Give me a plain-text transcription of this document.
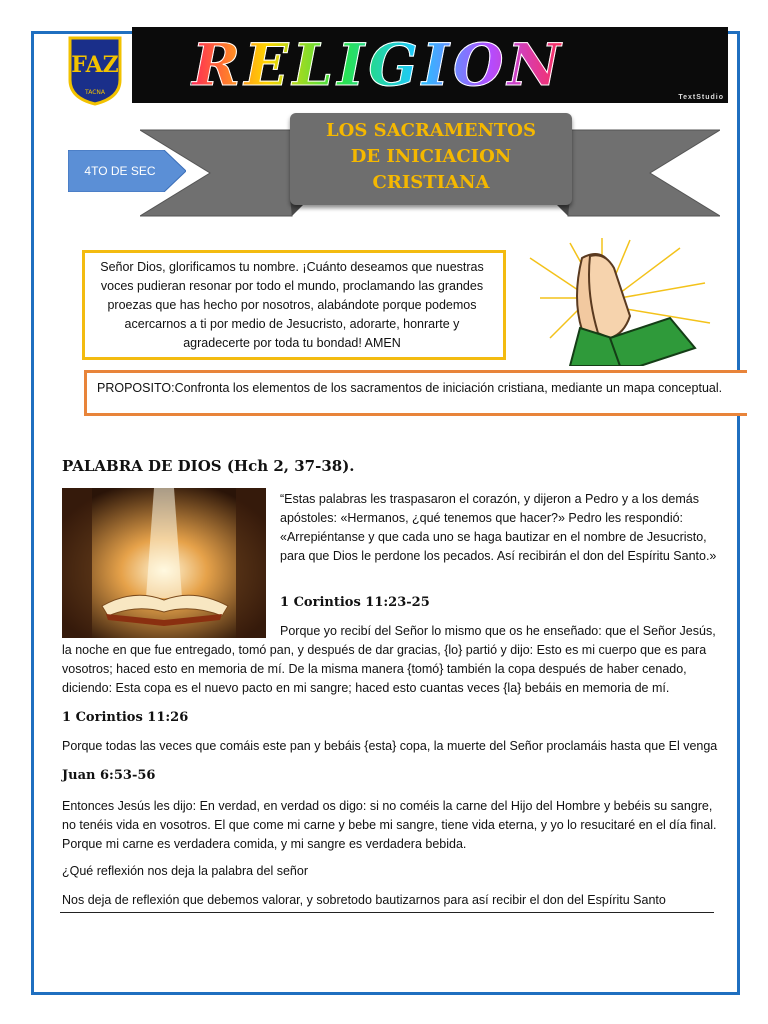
FAZ
TACNA RELIGION	TextStudio
LOS SACRAMENTOS
DE INICIACION
CRISTIANA
4TO DE SEC
Señor Dios, glorificamos tu nombre. ¡Cuánto deseamos que nuestras voces pudieran resonar por todo el mundo, proclamando las grandes proezas que has hecho por nosotros, alabándote porque podemos acercarnos a ti por medio de Jesucristo, adorarte, honrarte y agradecerte por toda tu bondad! AMEN
PROPOSITO:Confronta los elementos de los sacramentos de iniciación cristiana, mediante un mapa conceptual.
PALABRA DE DIOS (Hch 2, 37-38).
“Estas palabras les traspasaron el corazón, y dijeron a Pedro y a los demás apóstoles: «Hermanos, ¿qué tenemos que hacer?» Pedro les respondió: «Arrepiéntanse y que cada uno se haga bautizar en el nombre de Jesucristo, para que Dios le perdone los pecados. Así recibirán el don del Espíritu Santo.»
1 Corintios 11:23-25
Porque yo recibí del Señor lo mismo que os he enseñado: que el Señor Jesús,
la noche en que fue entregado, tomó pan, y después de dar gracias, {lo} partió y dijo: Esto es mi cuerpo que es para vosotros; haced esto en memoria de mí. De la misma manera {tomó} también la copa después de haber cenado, diciendo: Esta copa es el nuevo pacto en mi sangre; haced esto cuantas veces {la} bebáis en memoria de mí.
1 Corintios 11:26
Porque todas las veces que comáis este pan y bebáis {esta} copa, la muerte del Señor proclamáis hasta que El venga
Juan 6:53-56
Entonces Jesús les dijo: En verdad, en verdad os digo: si no coméis la carne del Hijo del Hombre y bebéis su sangre, no tenéis vida en vosotros. El que come mi carne y bebe mi sangre, tiene vida eterna, y yo lo resucitaré en el día final. Porque mi carne es verdadera comida, y mi sangre es verdadera bebida.
¿Qué reflexión nos deja la palabra del señor
Nos deja de reflexión que debemos valorar, y sobretodo bautizarnos para así recibir el don del Espíritu Santo
